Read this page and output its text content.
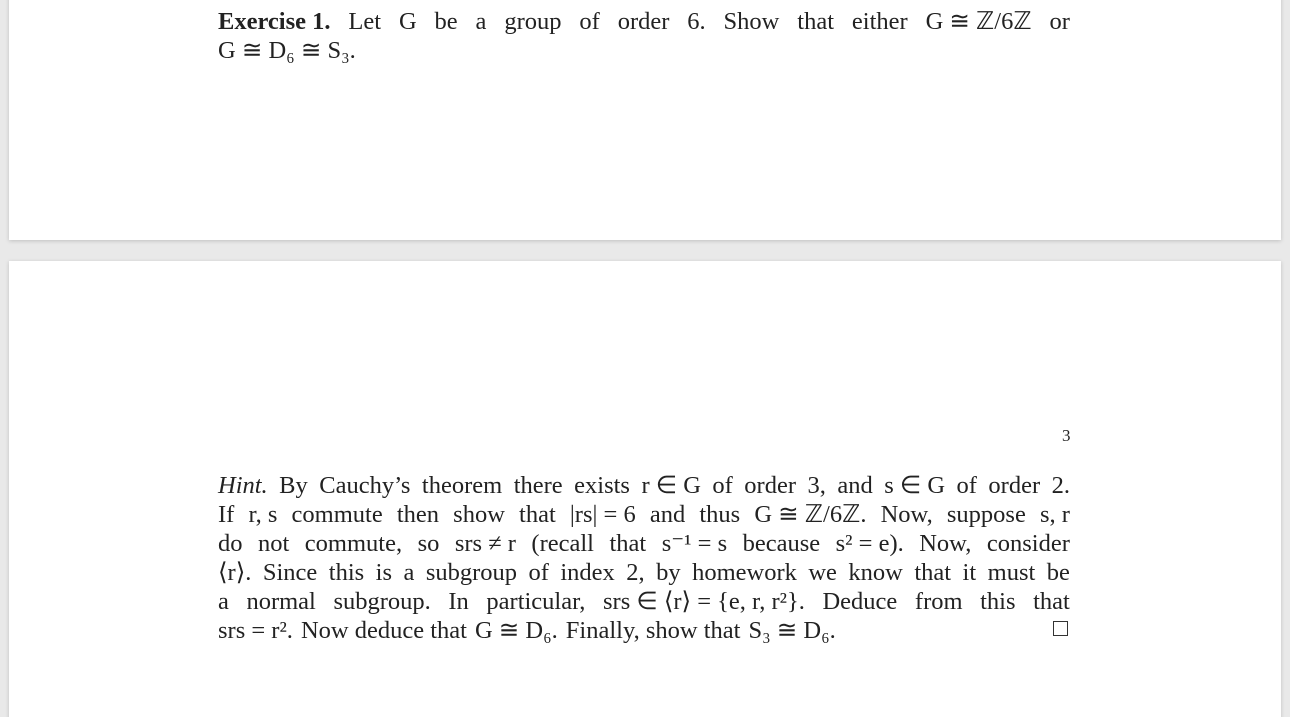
Exercise 1. Let G be a group of order 6. Show that either G ≅ ℤ/6ℤ or
G ≅ D₆ ≅ S₃.
3
Hint. By Cauchy’s theorem there exists r ∈ G of order 3, and s ∈ G of order 2.
If r, s commute then show that |rs| = 6 and thus G ≅ ℤ/6ℤ. Now, suppose s, r
do not commute, so srs ≠ r (recall that s⁻¹ = s because s² = e). Now, consider
⟨r⟩. Since this is a subgroup of index 2, by homework we know that it must be
a normal subgroup. In particular, srs ∈ ⟨r⟩ = {e, r, r²}. Deduce from this that
srs = r². Now deduce that G ≅ D₆. Finally, show that S₃ ≅ D₆.
